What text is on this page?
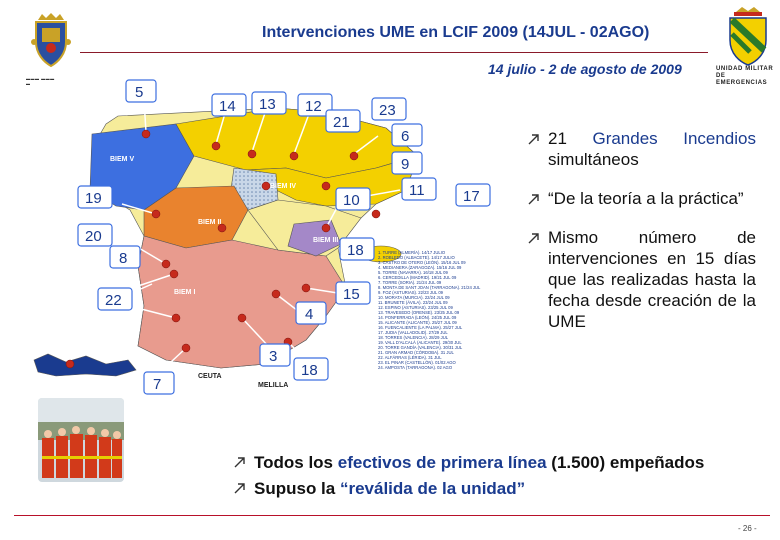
▬▬▬ ▬▬▬
▬
UNIDAD MILITAR
DE EMERGENCIAS
Intervenciones UME en LCIF 2009 (14JUL - 02AGO)
14 julio - 2 de agosto de 2009
BIEM V
BIEM IV
BIEM II
BIEM I
BIEM III
CEUTA
MELILLA
5
14 13 12
21
23
6
9
11	17
19
20
10
8	18
15
22
4
3
18
7
1. TURRE (ALMERÍA). 14/17 JULIO
2. ROBLEDO (ALBACETE). 14/17 JULIO
3. CASTRO DE OTERO (LEÓN). 15/16 JUL 09
4. MEDIANERA (ZARAGOZA). 15/16 JUL 09
5. TORRE (NAVARRA). 16/18 JUL 09
6. CERCEDILLA (MADRID). 19/21 JUL 09
7. TORRE (SORIA). 21/24 JUL 09
8. MONTA DE SANT JOAN (TARRAGONA). 21/24 JUL
9. FOZ (ASTURIAS). 22/23 JUL 09
10. MORATA (MURCIA). 22/24 JUL 09
11. BRUNETE (ÁVILA). 23/24 JUL 09
12. ESPINO (ASTURIAS). 23/25 JUL 09
13. TRAVESEDO (ORENSE). 23/25 JUL 09
14. PONFERRADA (LEÓN). 24/25 JUL 09
15. ALICANTE (ALICANTE). 25/27 JUL 09
16. FUENCALIENTE (LA PALMA). 25/27 JUL
17. JUDIA (VALLADOLID). 27/29 JUL
18. TORRES (VALENCIA). 28/29 JUL
19. VALL D'ALCALÁ (ALICANTE). 29/30 JUL
20. TORRE GANDÍA (VALENCIA). 30/31 JUL
21. GRAN ARMAD (CÓRDOBA). 31 JUL
22. ALFÁRRAS (LÉRIDA). 31 JUL
23. EL PINAR (CASTELLÓN). 01/02 AGO
24. AMPOSTA (TARRAGONA). 02 AGO
21 Grandes Incendios simultáneos
“De la teoría a la práctica”
Mismo número de intervenciones en 15 días que las realizadas hasta la fecha desde creación de la UME
Todos los efectivos de primera línea (1.500) empeñados
Supuso la “reválida de la unidad”
- 26 -
